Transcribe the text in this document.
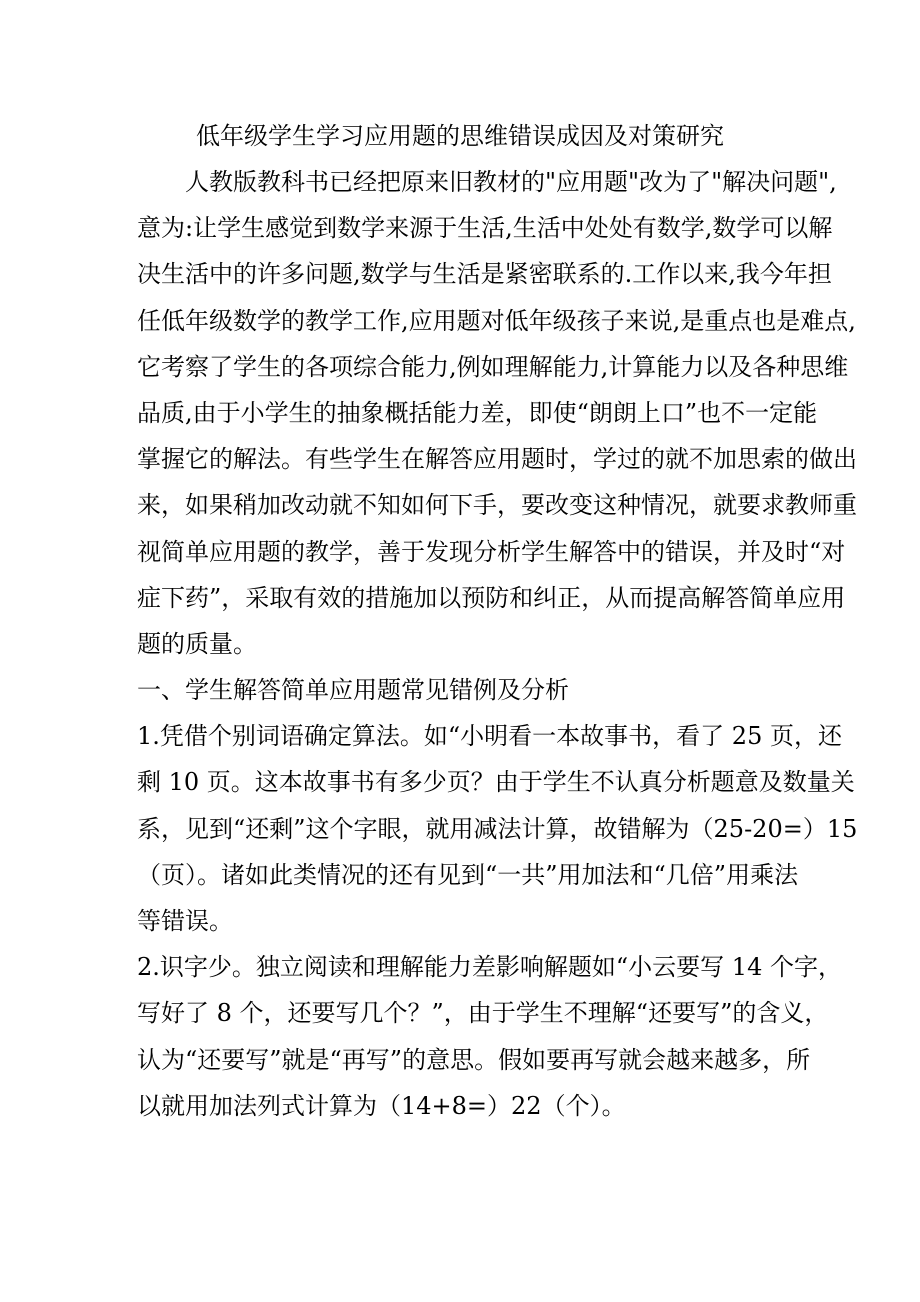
低年级学生学习应用题的思维错误成因及对策研究
　　人教版教科书已经把原来旧教材的"应用题"改为了"解决问题",
意为:让学生感觉到数学来源于生活,生活中处处有数学,数学可以解
决生活中的许多问题,数学与生活是紧密联系的.工作以来,我今年担
任低年级数学的教学工作,应用题对低年级孩子来说,是重点也是难点,
它考察了学生的各项综合能力,例如理解能力,计算能力以及各种思维
品质,由于小学生的抽象概括能力差，即使“朗朗上口”也不一定能
掌握它的解法。有些学生在解答应用题时，学过的就不加思索的做出
来，如果稍加改动就不知如何下手，要改变这种情况，就要求教师重
视简单应用题的教学，善于发现分析学生解答中的错误，并及时“对
症下药”，采取有效的措施加以预防和纠正，从而提高解答简单应用
题的质量。
一、学生解答简单应用题常见错例及分析
1.凭借个别词语确定算法。如“小明看一本故事书，看了 25 页，还
剩 10 页。这本故事书有多少页？由于学生不认真分析题意及数量关
系，见到“还剩”这个字眼，就用减法计算，故错解为（25-20=）15
（页）。诸如此类情况的还有见到“一共”用加法和“几倍”用乘法
等错误。
2.识字少。独立阅读和理解能力差影响解题如“小云要写 14 个字，
写好了 8 个，还要写几个？”，由于学生不理解“还要写”的含义，
认为“还要写”就是“再写”的意思。假如要再写就会越来越多，所
以就用加法列式计算为（14+8=）22（个）。
